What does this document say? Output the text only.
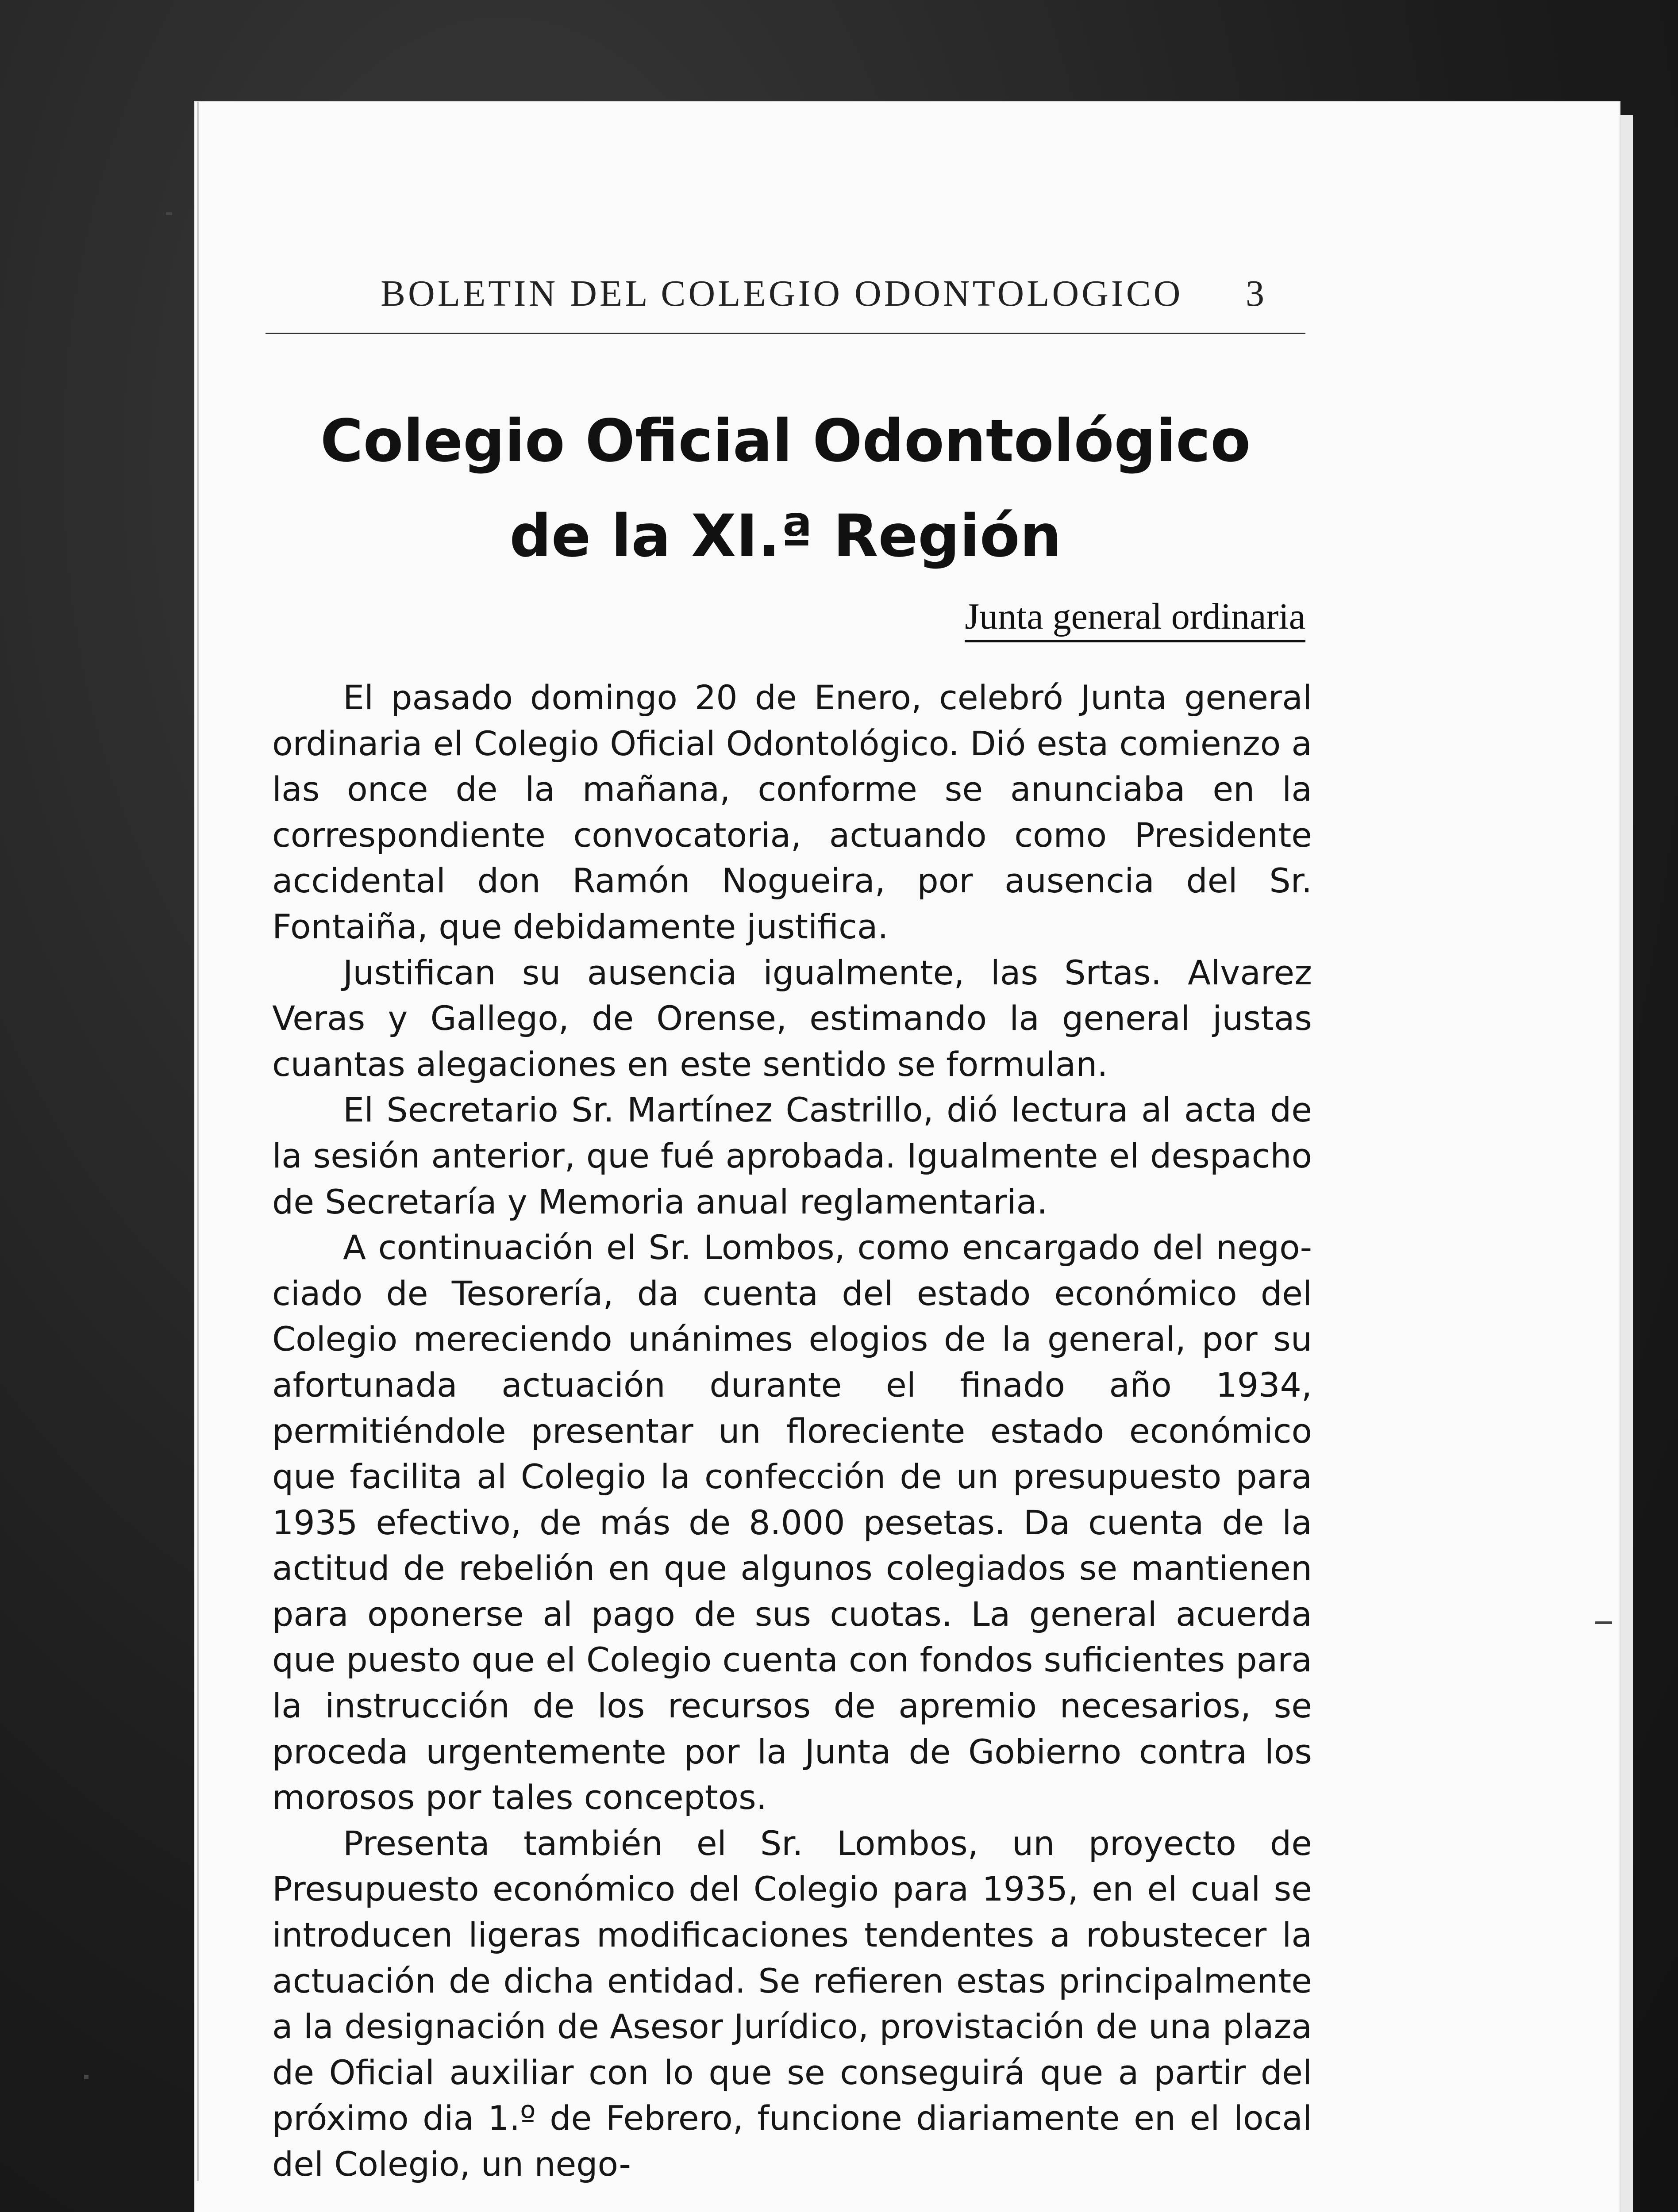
BOLETIN DEL COLEGIO ODONTOLOGICO 3
Colegio Oficial Odontológico
de la XI.ª Región
Junta general ordinaria

El pasado domingo 20 de Enero, celebró Junta general ordinaria el Colegio Oficial Odontológico. Dió esta comienzo a las once de la mañana, conforme se anunciaba en la correspondiente convocatoria, actuando como Presidente accidental don Ramón Nogueira, por ausencia del Sr. Fontaiña, que debidamente justifica.

Justifican su ausencia igualmente, las Srtas. Alvarez Veras y Gallego, de Orense, estimando la general justas cuantas alegaciones en este sentido se formulan.

El Secretario Sr. Martínez Castrillo, dió lectura al acta de la sesión anterior, que fué aprobada. Igualmente el despacho de Secretaría y Memoria anual reglamentaria.

A continuación el Sr. Lombos, como encargado del negociado de Tesorería, da cuenta del estado económico del Colegio mereciendo unánimes elogios de la general, por su afortunada actuación durante el finado año 1934, permitiéndole presentar un floreciente estado económico que facilita al Colegio la confección de un presupuesto para 1935 efectivo, de más de 8.000 pesetas. Da cuenta de la actitud de rebelión en que algunos colegiados se mantienen para oponerse al pago de sus cuotas. La general acuerda que puesto que el Colegio cuenta con fondos suficientes para la instrucción de los recursos de apremio necesarios, se proceda urgentemente por la Junta de Gobierno contra los morosos por tales conceptos.

Presenta también el Sr. Lombos, un proyecto de Presupuesto económico del Colegio para 1935, en el cual se introducen ligeras modificaciones tendentes a robustecer la actuación de dicha entidad. Se refieren estas principalmente a la designación de Asesor Jurídico, provistación de una plaza de Oficial auxiliar con lo que se conseguirá que a partir del próximo dia 1.º de Febrero, funcione diariamente en el local del Colegio, un nego-
